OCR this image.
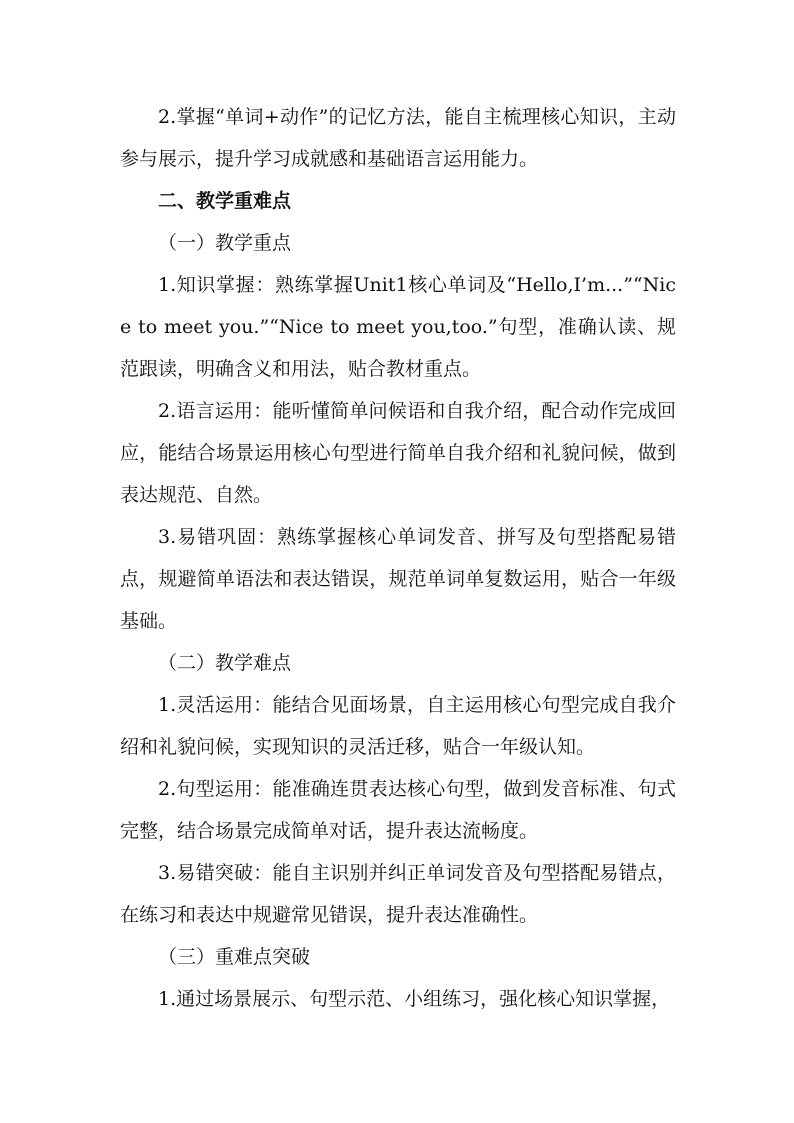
2.掌握“单词+动作”的记忆方法，能自主梳理核心知识，主动参与展示，提升学习成就感和基础语言运用能力。

二、教学重难点

（一）教学重点

1.知识掌握：熟练掌握Unit1核心单词及“Hello,I’m...”“Nice to meet you.”“Nice to meet you,too.”句型，准确认读、规范跟读，明确含义和用法，贴合教材重点。

2.语言运用：能听懂简单问候语和自我介绍，配合动作完成回应，能结合场景运用核心句型进行简单自我介绍和礼貌问候，做到表达规范、自然。

3.易错巩固：熟练掌握核心单词发音、拼写及句型搭配易错点，规避简单语法和表达错误，规范单词单复数运用，贴合一年级基础。

（二）教学难点

1.灵活运用：能结合见面场景，自主运用核心句型完成自我介绍和礼貌问候，实现知识的灵活迁移，贴合一年级认知。

2.句型运用：能准确连贯表达核心句型，做到发音标准、句式完整，结合场景完成简单对话，提升表达流畅度。

3.易错突破：能自主识别并纠正单词发音及句型搭配易错点，在练习和表达中规避常见错误，提升表达准确性。

（三）重难点突破

1.通过场景展示、句型示范、小组练习，强化核心知识掌握，
